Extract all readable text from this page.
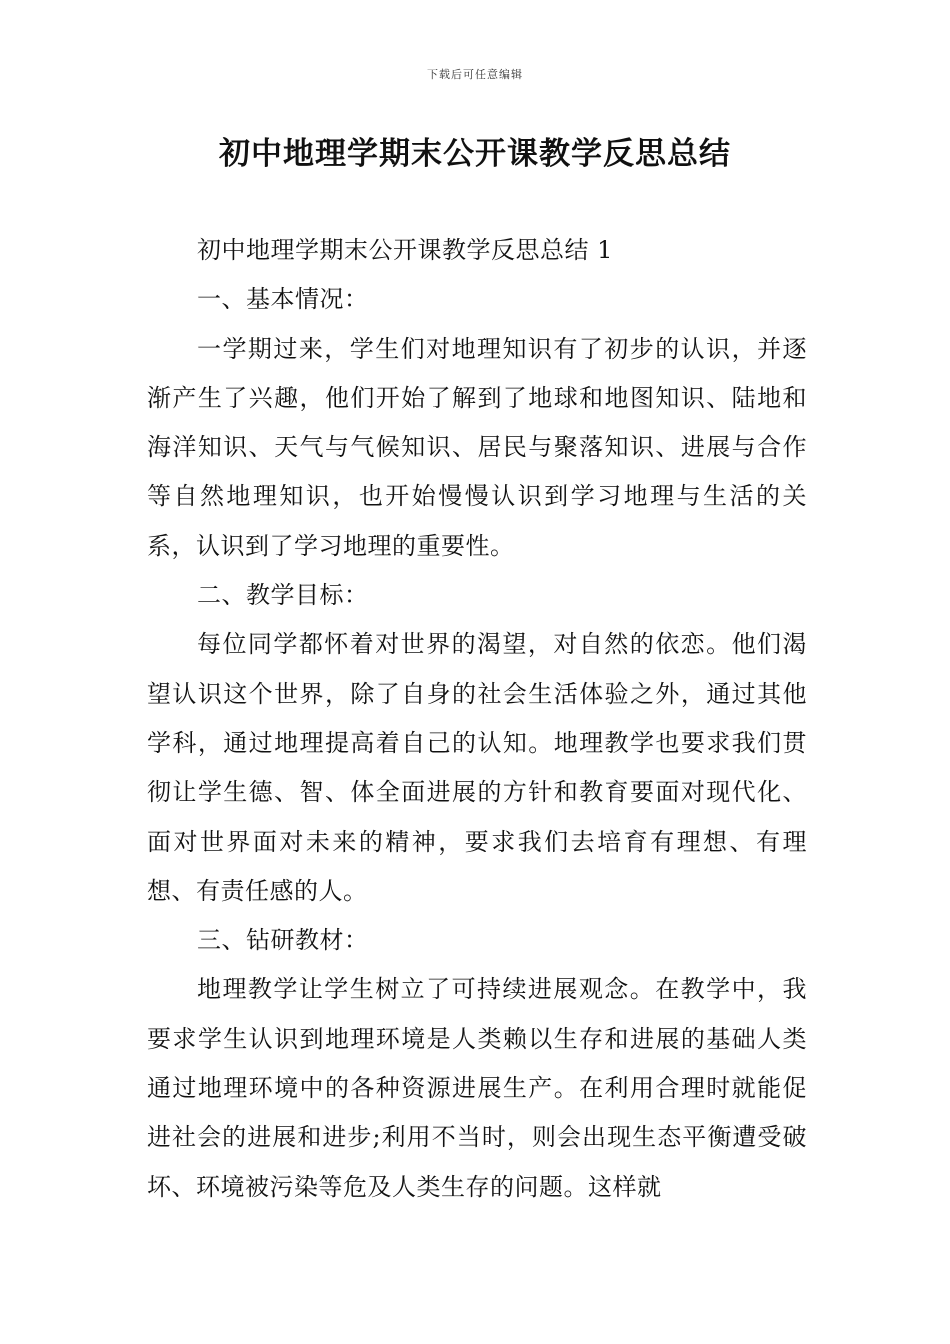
下载后可任意编辑
初中地理学期末公开课教学反思总结

初中地理学期末公开课教学反思总结 1

一、基本情况：

一学期过来，学生们对地理知识有了初步的认识，并逐渐产生了兴趣，他们开始了解到了地球和地图知识、陆地和海洋知识、天气与气候知识、居民与聚落知识、进展与合作等自然地理知识，也开始慢慢认识到学习地理与生活的关系，认识到了学习地理的重要性。

二、教学目标：

每位同学都怀着对世界的渴望，对自然的依恋。他们渴望认识这个世界，除了自身的社会生活体验之外，通过其他学科，通过地理提高着自己的认知。地理教学也要求我们贯彻让学生德、智、体全面进展的方针和教育要面对现代化、面对世界面对未来的精神，要求我们去培育有理想、有理想、有责任感的人。

三、钻研教材：

地理教学让学生树立了可持续进展观念。在教学中，我要求学生认识到地理环境是人类赖以生存和进展的基础人类通过地理环境中的各种资源进展生产。在利用合理时就能促进社会的进展和进步;利用不当时，则会出现生态平衡遭受破坏、环境被污染等危及人类生存的问题。这样就
